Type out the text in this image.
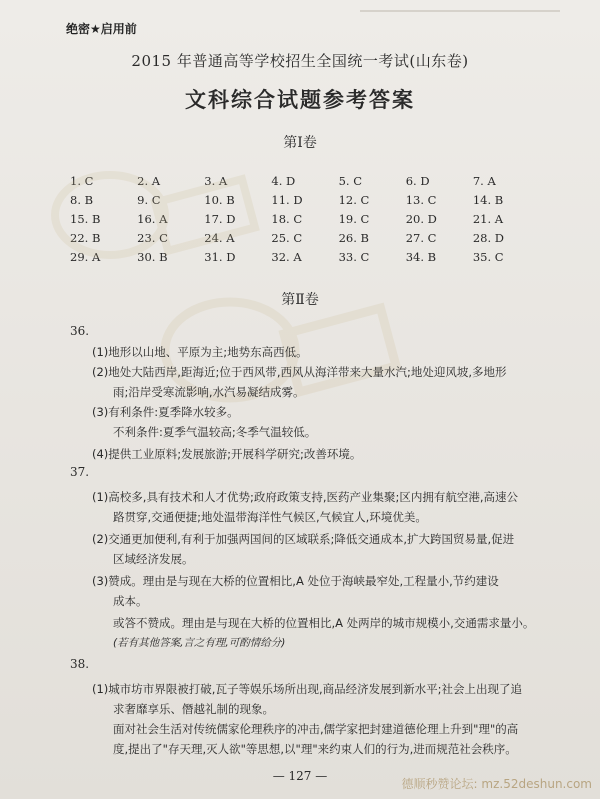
绝密★启用前
2015 年普通高等学校招生全国统一考试(山东卷)
文科综合试题参考答案
第Ⅰ卷
1. C	2. A	3. A	4. D	5. C	6. D	7. A
8. B	9. C	10. B	11. D	12. C	13. C	14. B
15. B	16. A	17. D	18. C	19. C	20. D	21. A
22. B	23. C	24. A	25. C	26. B	27. C	28. D
29. A	30. B	31. D	32. A	33. C	34. B	35. C
第Ⅱ卷
36.
(1)地形以山地、平原为主;地势东高西低。
(2)地处大陆西岸,距海近;位于西风带,西风从海洋带来大量水汽;地处迎风坡,多地形
雨;沿岸受寒流影响,水汽易凝结成雾。
(3)有利条件:夏季降水较多。
不利条件:夏季气温较高;冬季气温较低。
(4)提供工业原料;发展旅游;开展科学研究;改善环境。
37.
(1)高校多,具有技术和人才优势;政府政策支持,医药产业集聚;区内拥有航空港,高速公
路贯穿,交通便捷;地处温带海洋性气候区,气候宜人,环境优美。
(2)交通更加便利,有利于加强两国间的区域联系;降低交通成本,扩大跨国贸易量,促进
区域经济发展。
(3)赞成。理由是与现在大桥的位置相比,A 处位于海峡最窄处,工程量小,节约建设
成本。
或答不赞成。理由是与现在大桥的位置相比,A 处两岸的城市规模小,交通需求量小。
(若有其他答案,言之有理,可酌情给分)
38.
(1)城市坊市界限被打破,瓦子等娱乐场所出现,商品经济发展到新水平;社会上出现了追
求奢靡享乐、僭越礼制的现象。
面对社会生活对传统儒家伦理秩序的冲击,儒学家把封建道德伦理上升到"理"的高
度,提出了"存天理,灭人欲"等思想,以"理"来约束人们的行为,进而规范社会秩序。
— 127 —
德顺秒赞论坛: mz.52deshun.com
